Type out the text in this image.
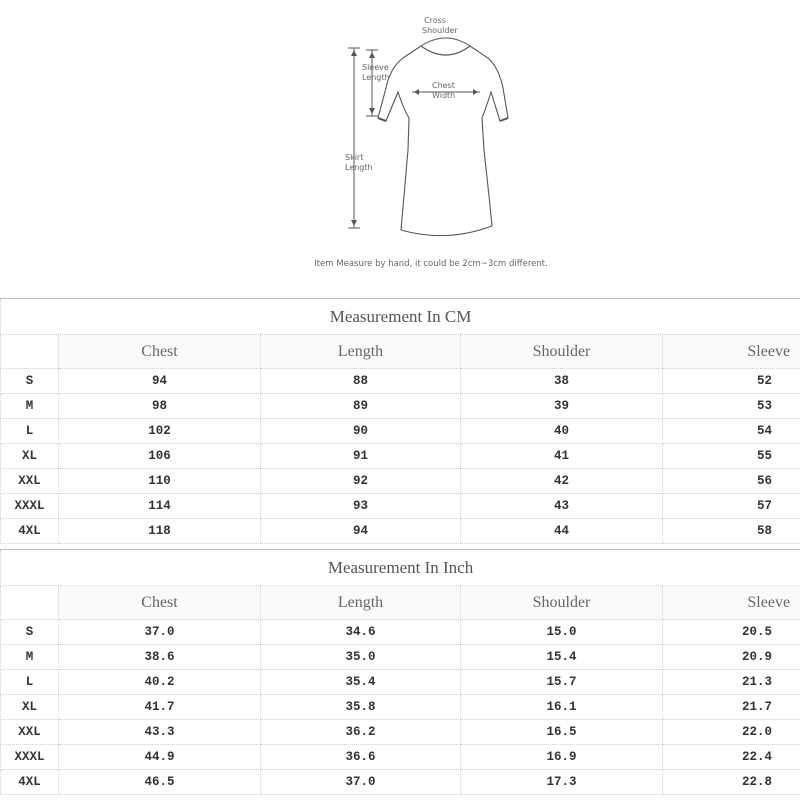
Cross
Shoulder
Sleeve
Length
Chest
Width
Skirt
Length
Item Measure by hand, it could be 2cm~3cm different.
Measurement In CM				
	Chest	Length	Shoulder	Sleeve
S	94	88	38	52
M	98	89	39	53
L	102	90	40	54
XL	106	91	41	55
XXL	110	92	42	56
XXXL	114	93	43	57
4XL	118	94	44	58
Measurement In Inch				
	Chest	Length	Shoulder	Sleeve
S	37.0	34.6	15.0	20.5
M	38.6	35.0	15.4	20.9
L	40.2	35.4	15.7	21.3
XL	41.7	35.8	16.1	21.7
XXL	43.3	36.2	16.5	22.0
XXXL	44.9	36.6	16.9	22.4
4XL	46.5	37.0	17.3	22.8
